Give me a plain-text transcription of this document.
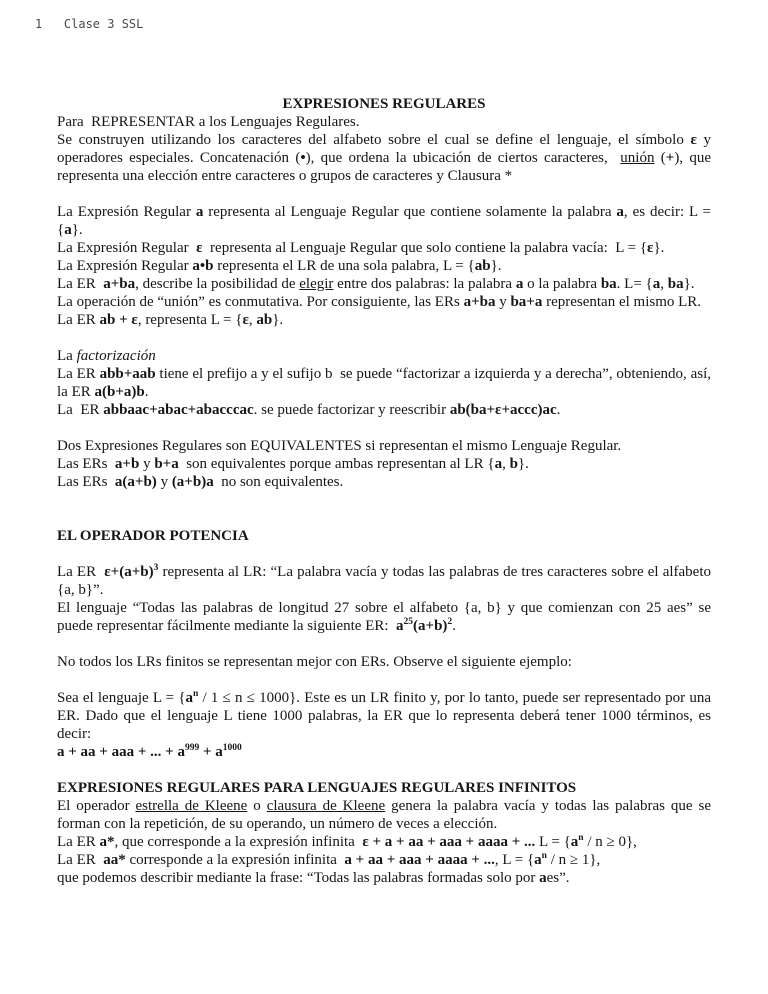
1   Clase 3 SSL

EXPRESIONES REGULARES

Para  REPRESENTAR a los Lenguajes Regulares.

Se construyen utilizando los caracteres del alfabeto sobre el cual se define el lenguaje, el símbolo ε y operadores especiales. Concatenación (•), que ordena la ubicación de ciertos caracteres,  unión (+), que representa una elección entre caracteres o grupos de caracteres y Clausura *

La Expresión Regular a representa al Lenguaje Regular que contiene solamente la palabra a, es decir: L = {a}.

La Expresión Regular  ε  representa al Lenguaje Regular que solo contiene la palabra vacía:  L = {ε}.

La Expresión Regular a•b representa el LR de una sola palabra, L = {ab}.

La ER  a+ba, describe la posibilidad de elegir entre dos palabras: la palabra a o la palabra ba. L= {a, ba}.

La operación de “unión” es conmutativa. Por consiguiente, las ERs a+ba y ba+a representan el mismo LR.

La ER ab + ε, representa L = {ε, ab}.

La factorización

La ER abb+aab tiene el prefijo a y el sufijo b  se puede “factorizar a izquierda y a derecha”, obteniendo, así, la ER a(b+a)b.

La  ER abbaac+abac+abacccac. se puede factorizar y reescribir ab(ba+ε+accc)ac.

Dos Expresiones Regulares son EQUIVALENTES si representan el mismo Lenguaje Regular.

Las ERs  a+b y b+a  son equivalentes porque ambas representan al LR {a, b}.

Las ERs  a(a+b) y (a+b)a  no son equivalentes.

EL OPERADOR POTENCIA

La ER  $\varepsilon+(a+b)^3$ representa al LR: “La palabra vacía y todas las palabras de tres caracteres sobre el alfabeto {a, b}”.

El lenguaje “Todas las palabras de longitud 27 sobre el alfabeto {a, b} y que comienzan con 25 aes” se puede representar fácilmente mediante la siguiente ER:  $a^{25}(a+b)^2$.

No todos los LRs finitos se representan mejor con ERs. Observe el siguiente ejemplo:

Sea el lenguaje $L = \{a^n / 1 \le n \le 1000\}$. Este es un LR finito y, por lo tanto, puede ser representado por una ER. Dado que el lenguaje L tiene 1000 palabras, la ER que lo representa deberá tener 1000 términos, es decir:

a + aa + aaa + ... + $a^{999} + a^{1000}$

EXPRESIONES REGULARES PARA LENGUAJES REGULARES INFINITOS

El operador estrella de Kleene o clausura de Kleene genera la palabra vacía y todas las palabras que se forman con la repetición, de su operando, un número de veces a elección.

La ER a*, que corresponde a la expresión infinita  ε + a + aa + aaa + aaaa + ... $L = \{a^n / n \ge 0\}$,

La ER  aa* corresponde a la expresión infinita  a + aa + aaa + aaaa + ..., $L = \{a^n / n \ge 1\}$,

que podemos describir mediante la frase: “Todas las palabras formadas solo por aes”.
